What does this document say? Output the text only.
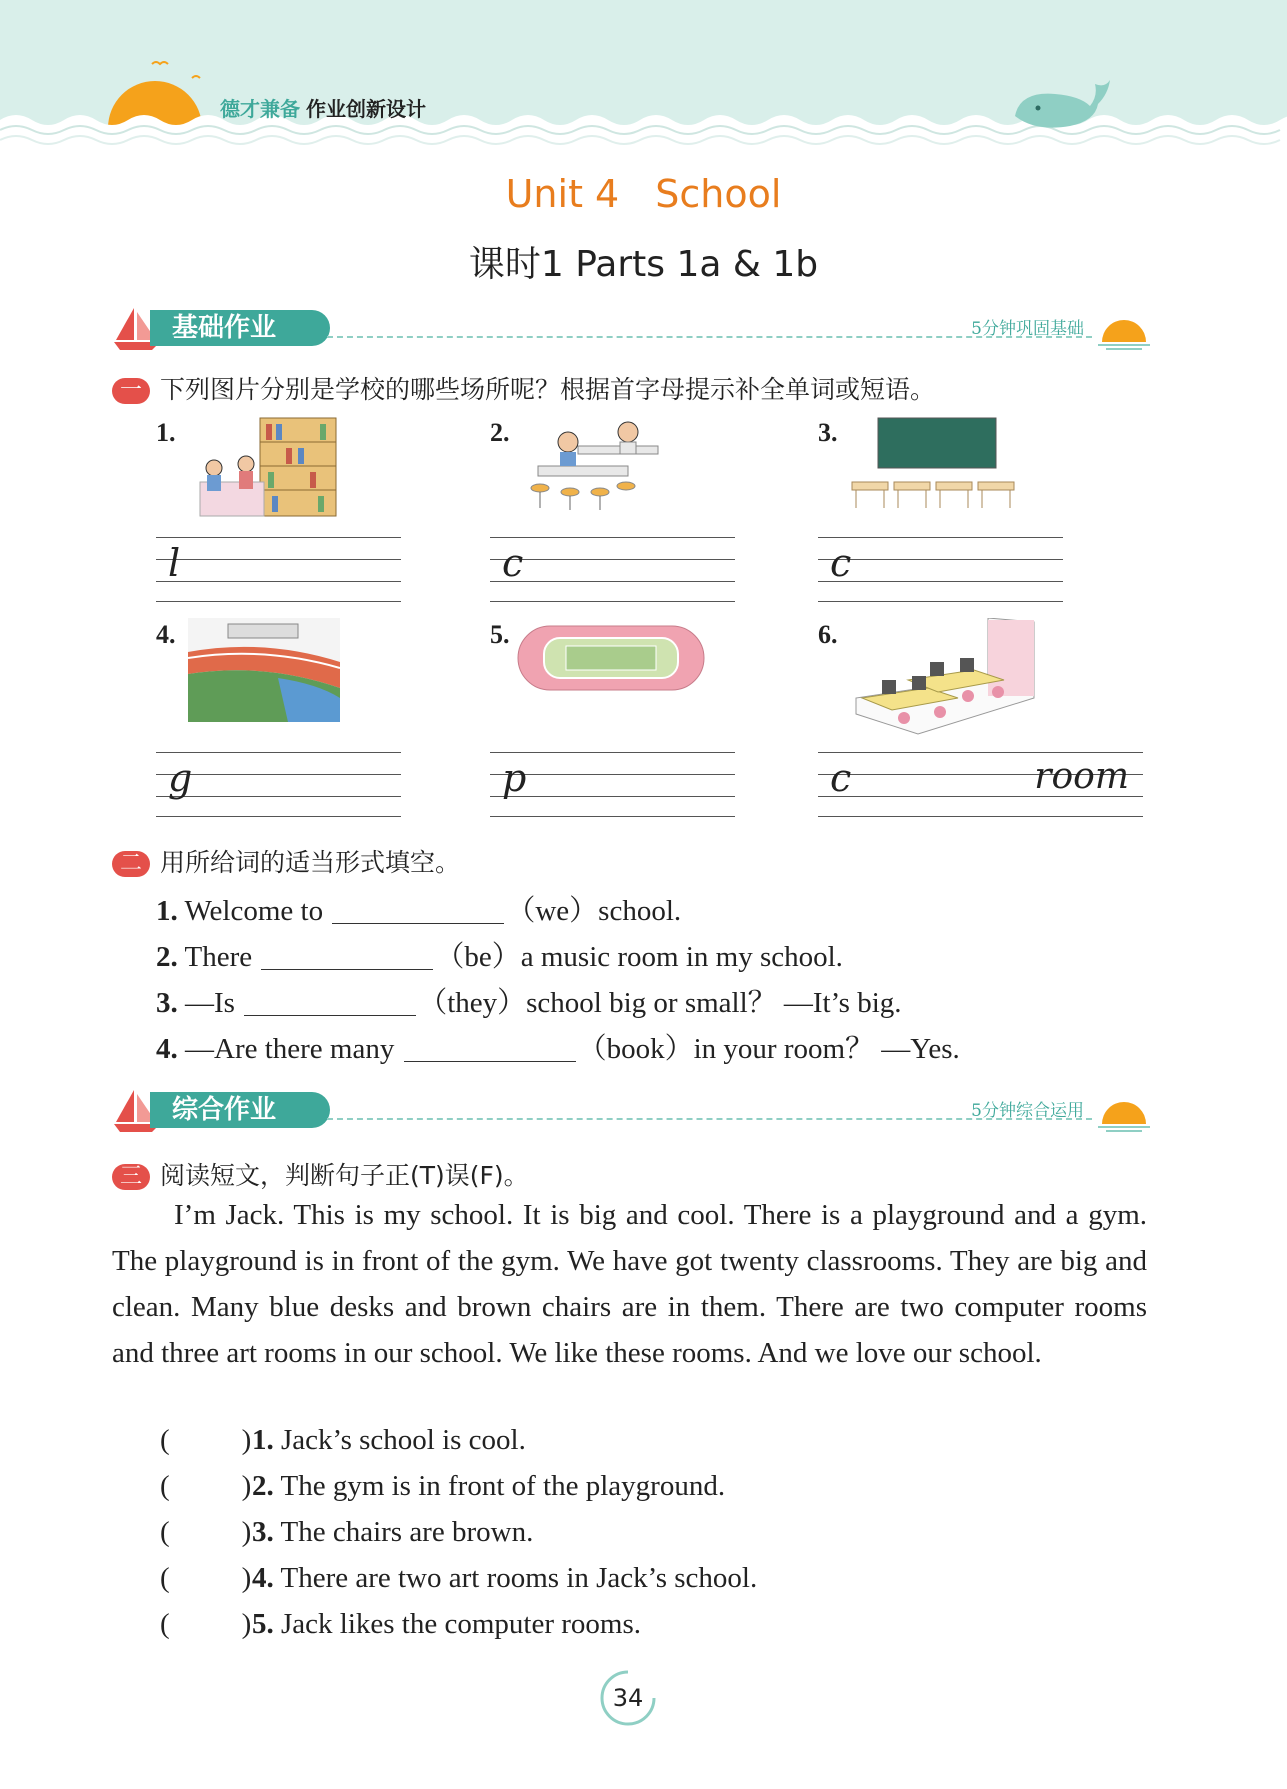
德才兼备 作业创新设计
Unit 4 School
课时1 Parts 1a & 1b
基础作业	5分钟巩固基础
一 下列图片分别是学校的哪些场所呢？根据首字母提示补全单词或短语。
1.
l
2.
c
3.
c
4.
g
5.
p
6.
c	room
二 用所给词的适当形式填空。
1. Welcome to	（we）school.
2. There	（be）a music room in my school.
3. —Is	（they）school big or small？ —It’s big.
4. —Are there many	（book）in your room？ —Yes.
综合作业	5分钟综合运用
三 阅读短文，判断句子正(T)误(F)。
I’m Jack. This is my school. It is big and cool. There is a playground and a gym. The playground is in front of the gym. We have got twenty classrooms. They are big and clean. Many blue desks and brown chairs are in them. There are two computer rooms and three art rooms in our school. We like these rooms. And we love our school.
( )1. Jack’s school is cool.
( )2. The gym is in front of the playground.
( )3. The chairs are brown.
( )4. There are two art rooms in Jack’s school.
( )5. Jack likes the computer rooms.
34
